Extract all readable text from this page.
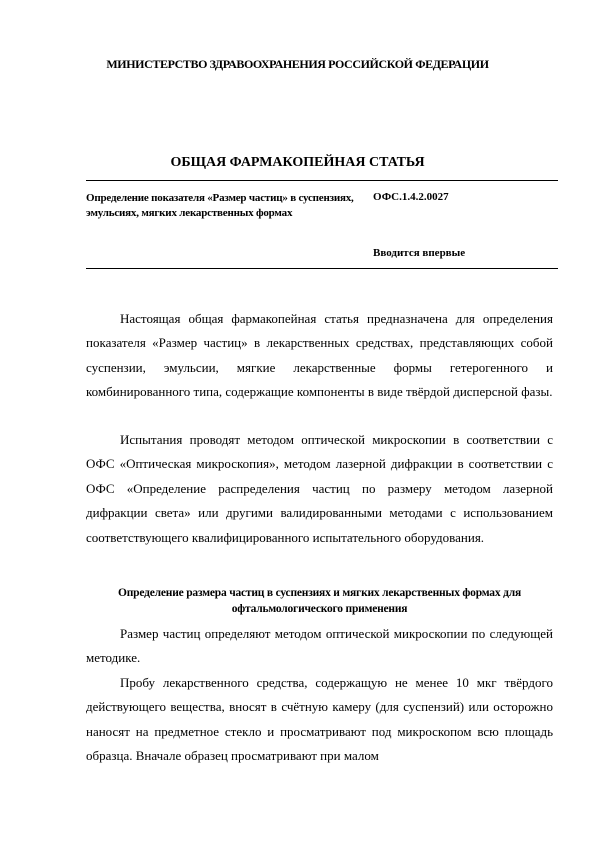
МИНИСТЕРСТВО ЗДРАВООХРАНЕНИЯ РОССИЙСКОЙ ФЕДЕРАЦИИ
ОБЩАЯ ФАРМАКОПЕЙНАЯ СТАТЬЯ
Определение показателя «Размер частиц» в суспензиях, эмульсиях, мягких лекарственных формах
ОФС.1.4.2.0027
Вводится впервые

Настоящая общая фармакопейная статья предназначена для определения показателя «Размер частиц» в лекарственных средствах, представляющих собой суспензии, эмульсии, мягкие лекарственные формы гетерогенного и комбинированного типа, содержащие компоненты в виде твёрдой дисперсной фазы.

Испытания проводят методом оптической микроскопии в соответствии с ОФС «Оптическая микроскопия», методом лазерной дифракции в соответствии с ОФС «Определение распределения частиц по размеру методом лазерной дифракции света» или другими валидированными методами с использованием соответствующего квалифицированного испытательного оборудования.

Определение размера частиц в суспензиях и мягких лекарственных формах для офтальмологического применения

Размер частиц определяют методом оптической микроскопии по следующей методике.

Пробу лекарственного средства, содержащую не менее 10 мкг твёрдого действующего вещества, вносят в счётную камеру (для суспензий) или осторожно наносят на предметное стекло и просматривают под микроскопом всю площадь образца. Вначале образец просматривают при малом
